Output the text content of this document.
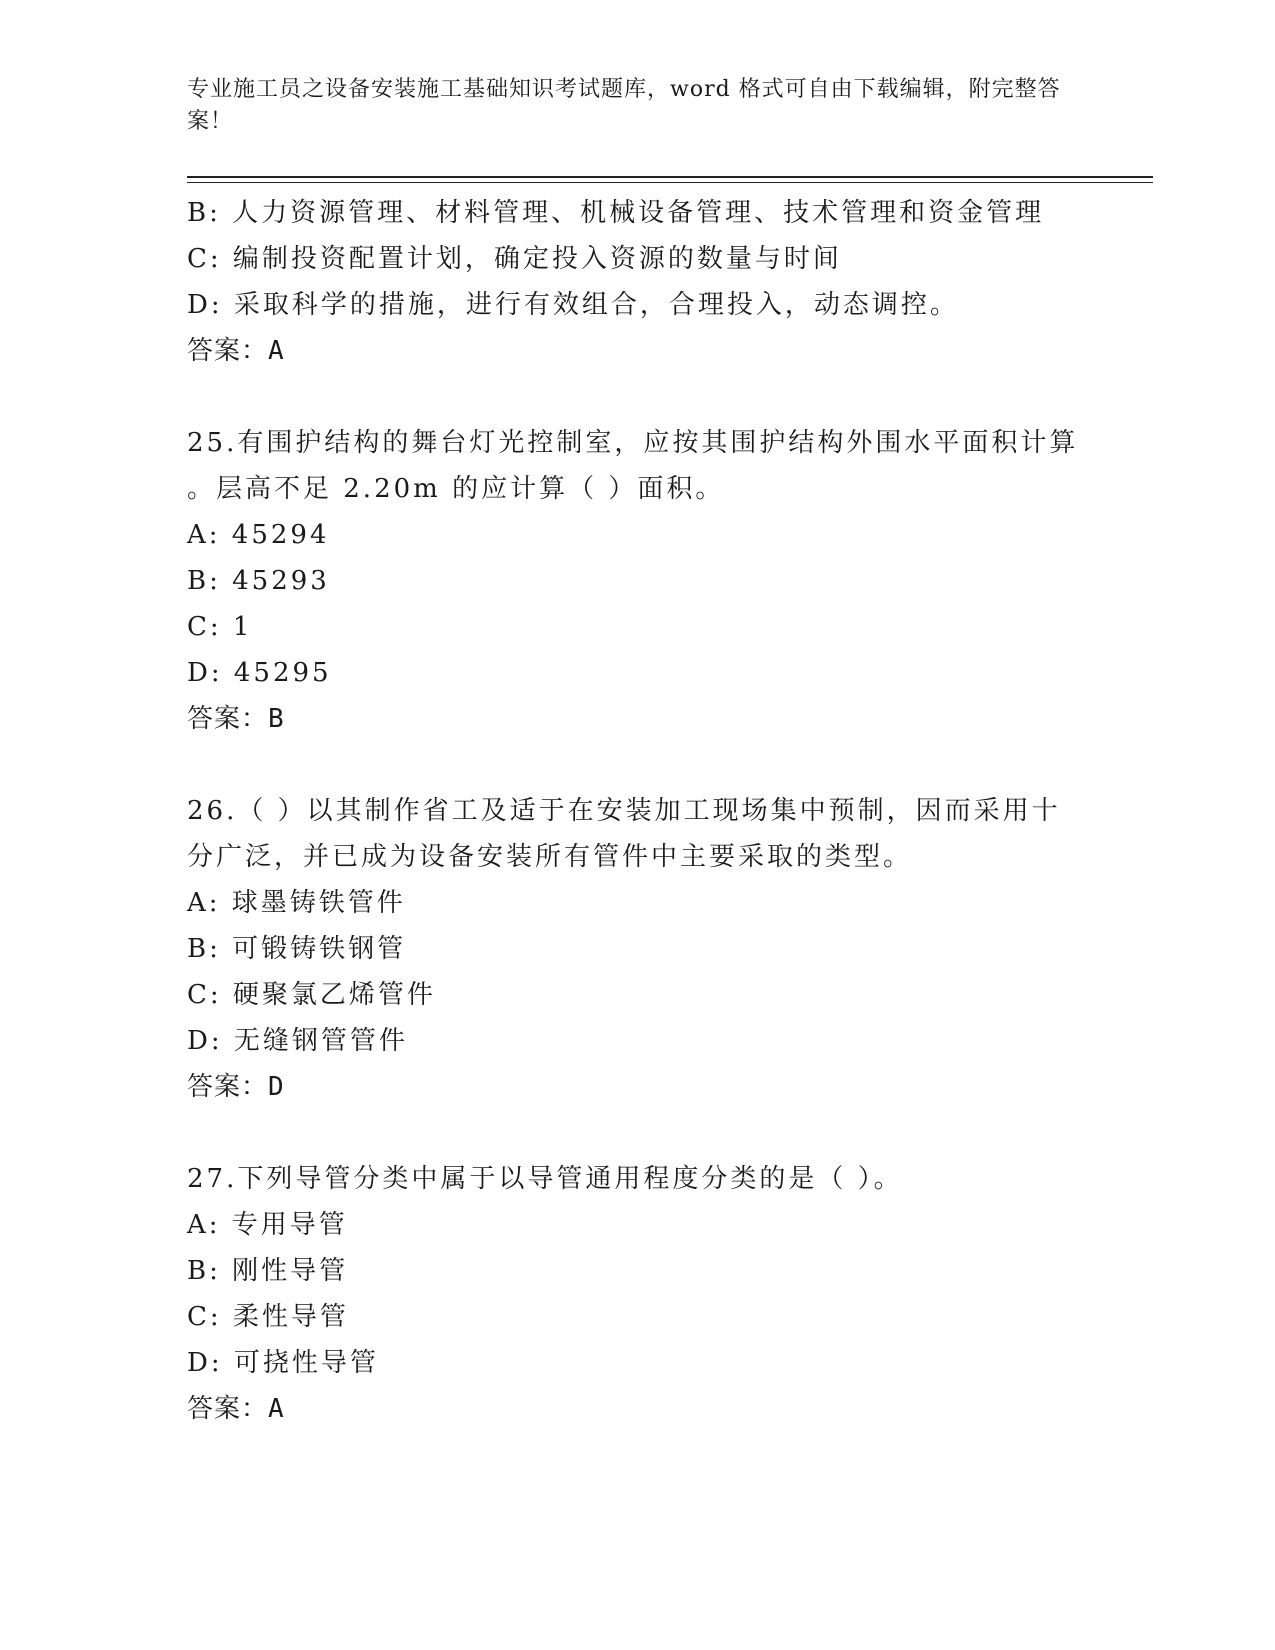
专业施工员之设备安装施工基础知识考试题库，word 格式可自由下载编辑，附完整答案！
B: 人力资源管理、材料管理、机械设备管理、技术管理和资金管理
C: 编制投资配置计划，确定投入资源的数量与时间
D: 采取科学的措施，进行有效组合，合理投入，动态调控。
答案：A
25.有围护结构的舞台灯光控制室，应按其围护结构外围水平面积计算
。层高不足 2.20m 的应计算（ ）面积。
A: 45294
B: 45293
C: 1
D: 45295
答案：B
26.（ ）以其制作省工及适于在安装加工现场集中预制，因而采用十
分广泛，并已成为设备安装所有管件中主要采取的类型。
A: 球墨铸铁管件
B: 可锻铸铁钢管
C: 硬聚氯乙烯管件
D: 无缝钢管管件
答案：D
27.下列导管分类中属于以导管通用程度分类的是（ ）。
A: 专用导管
B: 刚性导管
C: 柔性导管
D: 可挠性导管
答案：A
